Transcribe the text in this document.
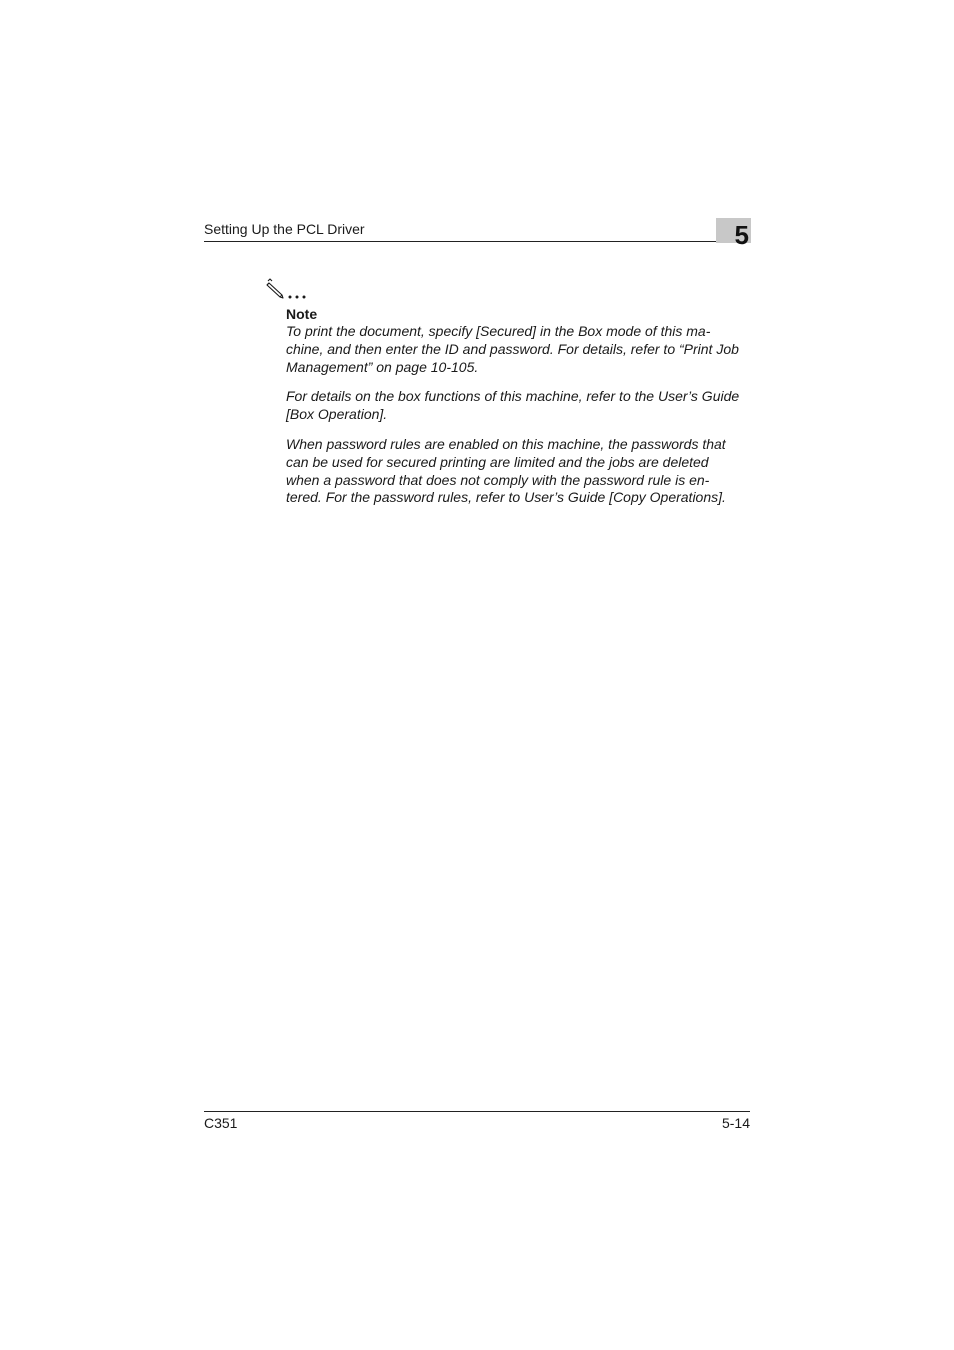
Setting Up the PCL Driver	5
Note

To print the document, specify [Secured] in the Box mode of this ma-
chine, and then enter the ID and password. For details, refer to “Print Job
Management” on page 10-105.

For details on the box functions of this machine, refer to the User’s Guide
[Box Operation].

When password rules are enabled on this machine, the passwords that
can be used for secured printing are limited and the jobs are deleted
when a password that does not comply with the password rule is en-
tered. For the password rules, refer to User’s Guide [Copy Operations].

C351	5-14
